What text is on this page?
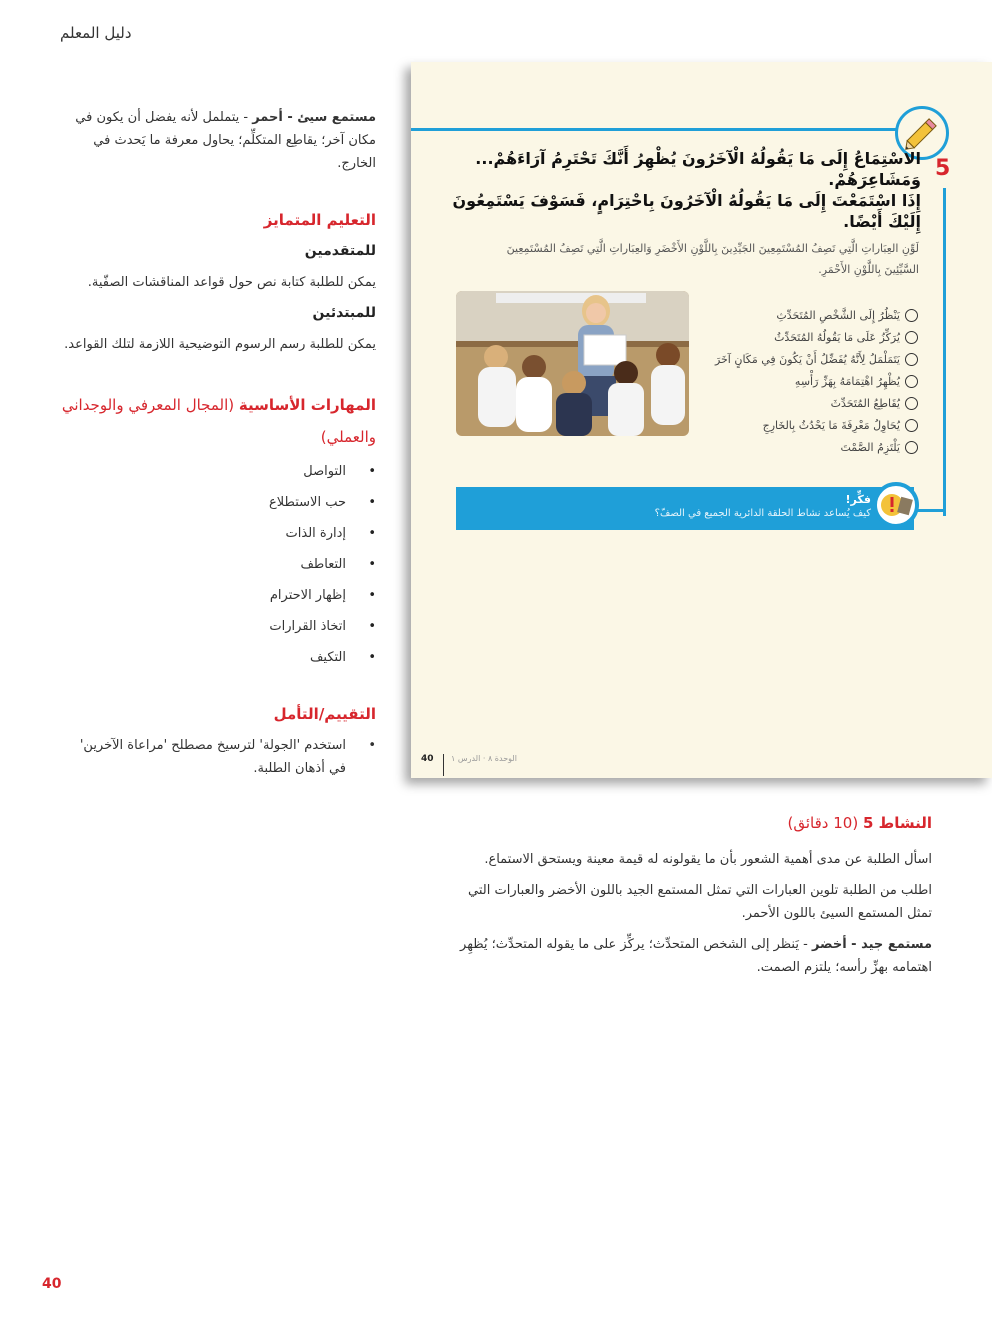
دليل المعلم

مستمع سيئ - أحمر - يتململ لأنه يفضل أن يكون في مكان آخر؛ يقاطِع المتكلِّم؛ يحاول معرفة ما يَحدث في الخارج.

التعليم المتمايز
للمتقدمين

يمكن للطلبة كتابة نص حول قواعد المناقشات الصفّية.

للمبتدئين

يمكن للطلبة رسم الرسوم التوضيحية اللازمة لتلك القواعد.

المهارات الأساسية (المجال المعرفي والوجداني والعملي)
• التواصل
• حب الاستطلاع
• إدارة الذات
• التعاطف
• إظهار الاحترام
• اتخاذ القرارات
• التكيف
التقييم/التأمل
•
استخدم 'الجولة' لترسيخ مصطلح 'مراعاة الآخرين' في أذهان الطلبة.
5
الاسْتِمَاعُ إِلَى مَا يَقُولُهُ الْآخَرُونَ يُظْهِرُ أَنَّكَ تَحْتَرِمُ آرَاءَهُمْ... وَمَشَاعِرَهُمْ.
إِذَا اسْتَمَعْتَ إِلَى مَا يَقُولُهُ الْآخَرُونَ بِاحْتِرَامٍ، فَسَوْفَ يَسْتَمِعُونَ إِلَيْكَ أَيْضًا.
لَوِّنِ العِبَاراتِ الَّتِي تَصِفُ المُسْتَمِعِينَ الجَيِّدِينَ بِاللَّوْنِ الأَخْضَرِ وَالعِبَاراتِ الَّتِي تَصِفُ المُسْتَمِعِينَ السَّيِّئِينَ بِاللَّوْنِ الأَحْمَرِ.
يَنْظُرُ إِلَى الشَّخْصِ المُتَحَدِّثِ
يُرَكِّزُ عَلَى مَا يَقُولُهُ المُتَحَدِّثُ
يَتَمَلْمَلُ لِأَنَّهُ يُفَضِّلُ أَنْ يَكُونَ فِي مَكَانٍ آخَرَ
يُظْهِرُ اهْتِمَامَهُ بِهَزِّ رَأْسِهِ
يُقَاطِعُ المُتَحَدِّثَ
يُحَاوِلُ مَعْرِفَةَ مَا يَحْدُثُ بِالخَارِجِ
يَلْتَزِمُ الصَّمْتَ
فكِّر!
كيف يُساعد نشاط الحلقة الدائرية الجميع في الصفّ؟
40 الوحدة ٨ · الدرس ١

النشاط 5 (10 دقائق)

اسأل الطلبة عن مدى أهمية الشعور بأن ما يقولونه له قيمة معينة ويستحق الاستماع.

اطلب من الطلبة تلوين العبارات التي تمثل المستمع الجيد باللون الأخضر والعبارات التي تمثل المستمع السيئ باللون الأحمر.

مستمع جيد - أخضر - يَنظر إلى الشخص المتحدِّث؛ يركِّز على ما يقوله المتحدِّث؛ يُظهِر اهتمامه بهزِّ رأسه؛ يلتزم الصمت.

40
